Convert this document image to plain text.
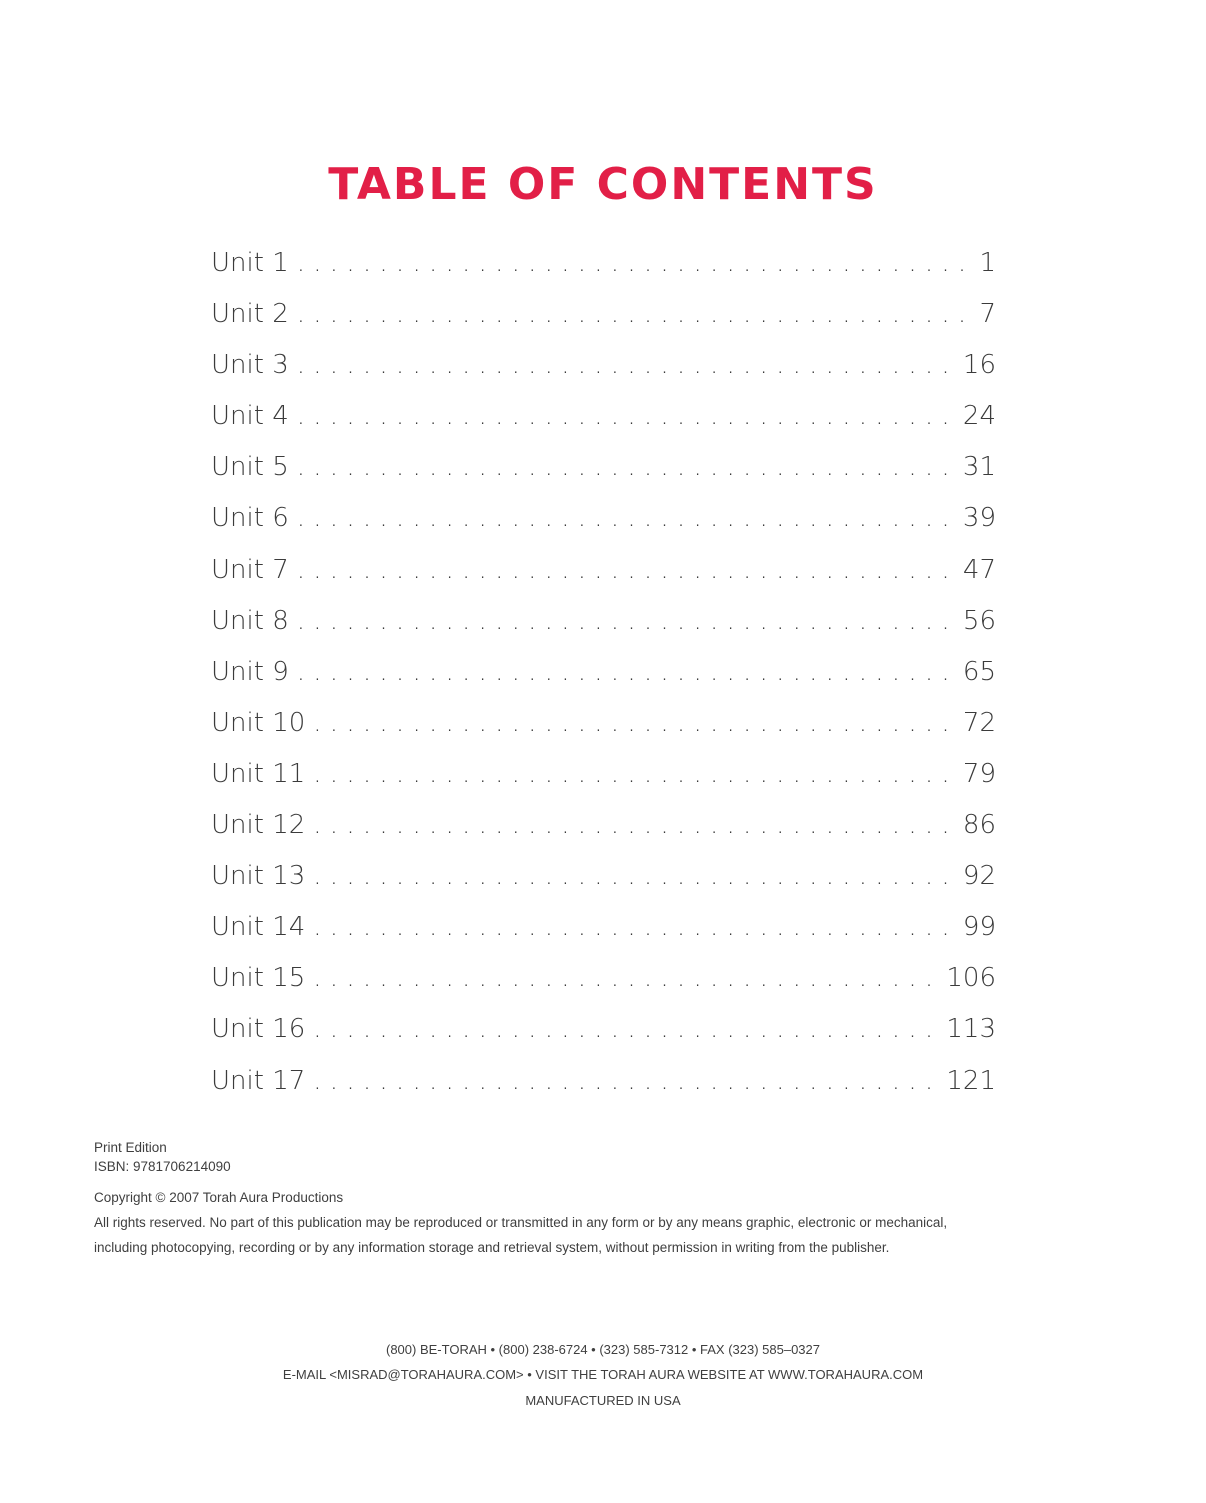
TABLE OF CONTENTS
Unit 1 . . .	1
Unit 2 . . .	7
Unit 3 . . .	16
Unit 4 . . .	24
Unit 5 . . .	31
Unit 6 . . .	39
Unit 7 . . .	47
Unit 8 . . .	56
Unit 9 . . .	65
Unit 10 . . .	72
Unit 11 . . .	79
Unit 12 . . .	86
Unit 13 . . .	92
Unit 14 . . .	99
Unit 15 . . .	106
Unit 16 . . .	113
Unit 17 . . .	121
Print Edition
ISBN: 9781706214090
Copyright © 2007 Torah Aura Productions
All rights reserved. No part of this publication may be reproduced or transmitted in any form or by any means graphic, electronic or mechanical, including photocopying, recording or by any information storage and retrieval system, without permission in writing from the publisher.
(800) BE-TORAH • (800) 238-6724 • (323) 585-7312 • FAX (323) 585–0327
E-MAIL <MISRAD@TORAHAURA.COM> • VISIT THE TORAH AURA WEBSITE AT WWW.TORAHAURA.COM
MANUFACTURED IN USA
